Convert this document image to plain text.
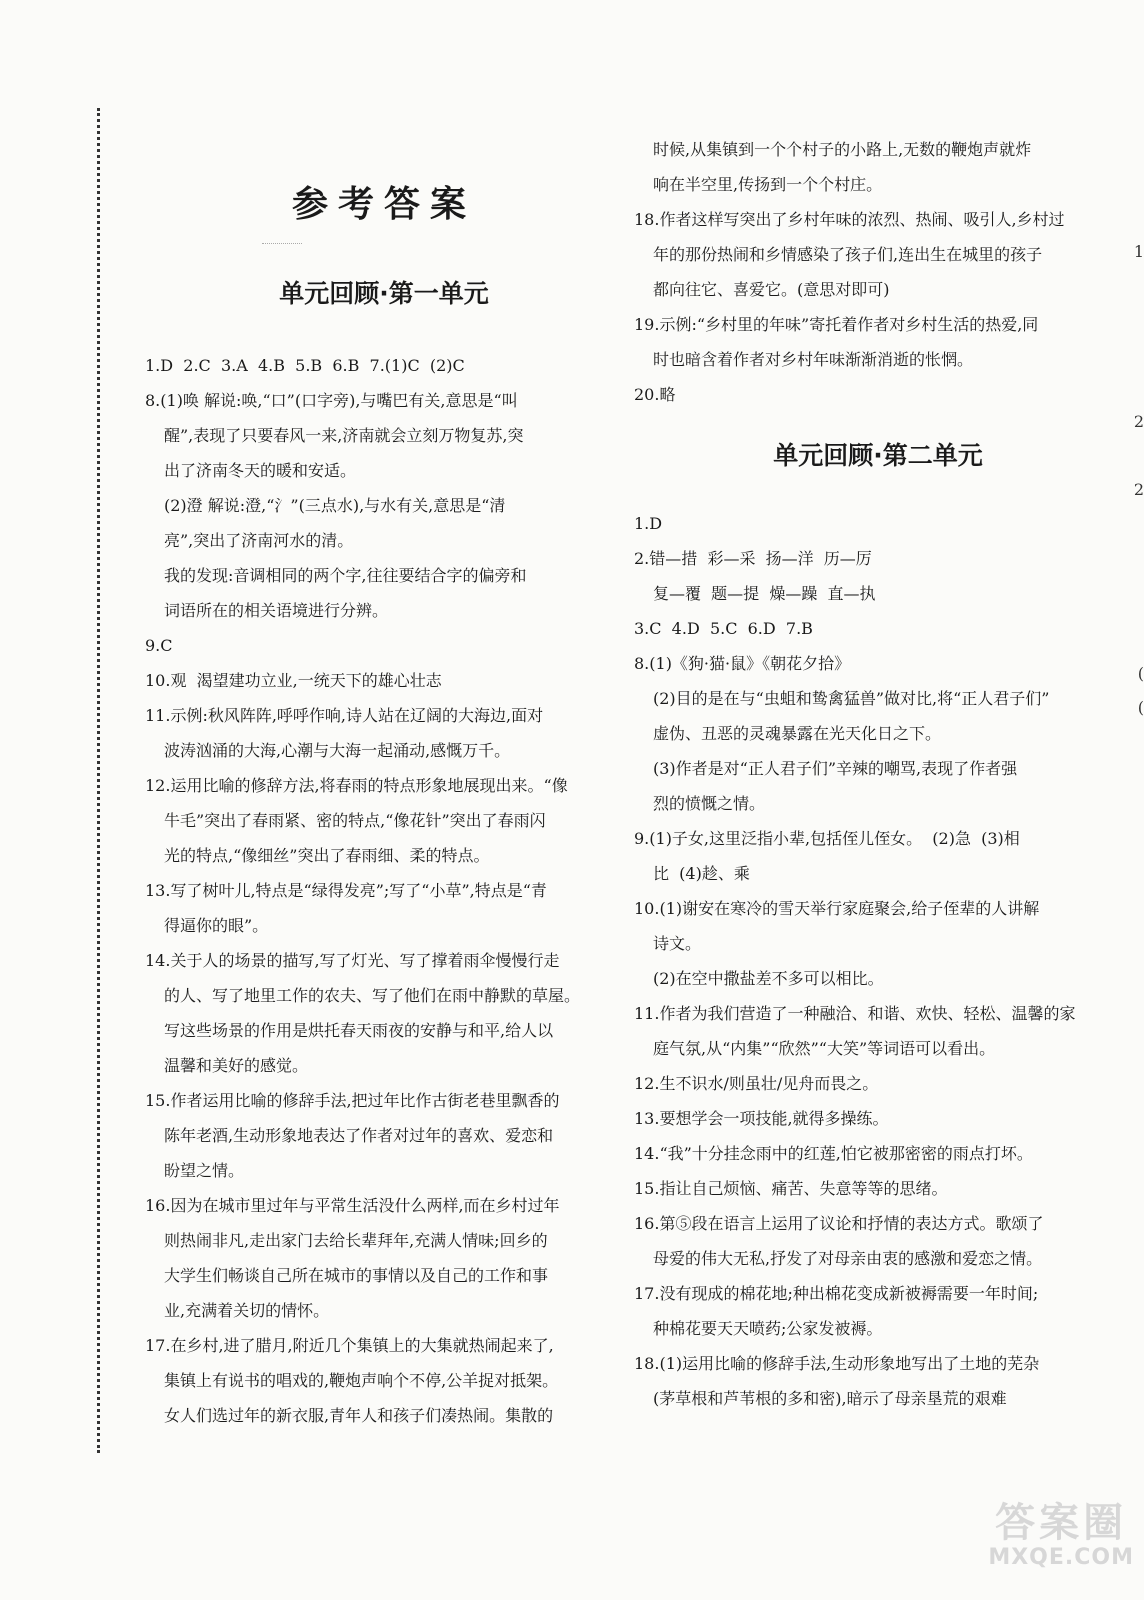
参考答案
单元回顾·第一单元

1.D  2.C  3.A  4.B  5.B  6.B  7.(1)C  (2)C

8.(1)唤 解说:唤,“口”(口字旁),与嘴巴有关,意思是“叫

醒”,表现了只要春风一来,济南就会立刻万物复苏,突

出了济南冬天的暖和安适。

(2)澄 解说:澄,“氵”(三点水),与水有关,意思是“清

亮”,突出了济南河水的清。

我的发现:音调相同的两个字,往往要结合字的偏旁和

词语所在的相关语境进行分辨。

9.C

10.观  渴望建功立业,一统天下的雄心壮志

11.示例:秋风阵阵,呼呼作响,诗人站在辽阔的大海边,面对

波涛汹涌的大海,心潮与大海一起涌动,感慨万千。

12.运用比喻的修辞方法,将春雨的特点形象地展现出来。“像

牛毛”突出了春雨紧、密的特点,“像花针”突出了春雨闪

光的特点,“像细丝”突出了春雨细、柔的特点。

13.写了树叶儿,特点是“绿得发亮”;写了“小草”,特点是“青

得逼你的眼”。

14.关于人的场景的描写,写了灯光、写了撑着雨伞慢慢行走

的人、写了地里工作的农夫、写了他们在雨中静默的草屋。

写这些场景的作用是烘托春天雨夜的安静与和平,给人以

温馨和美好的感觉。

15.作者运用比喻的修辞手法,把过年比作古街老巷里飘香的

陈年老酒,生动形象地表达了作者对过年的喜欢、爱恋和

盼望之情。

16.因为在城市里过年与平常生活没什么两样,而在乡村过年

则热闹非凡,走出家门去给长辈拜年,充满人情味;回乡的

大学生们畅谈自己所在城市的事情以及自己的工作和事

业,充满着关切的情怀。

17.在乡村,进了腊月,附近几个集镇上的大集就热闹起来了,

集镇上有说书的唱戏的,鞭炮声响个不停,公羊捉对抵架。

女人们选过年的新衣服,青年人和孩子们凑热闹。集散的

时候,从集镇到一个个村子的小路上,无数的鞭炮声就炸

响在半空里,传扬到一个个村庄。

18.作者这样写突出了乡村年味的浓烈、热闹、吸引人,乡村过

年的那份热闹和乡情感染了孩子们,连出生在城里的孩子

都向往它、喜爱它。(意思对即可)

19.示例:“乡村里的年味”寄托着作者对乡村生活的热爱,同

时也暗含着作者对乡村年味渐渐消逝的怅惘。

20.略

单元回顾·第二单元

1.D

2.错—措  彩—采  扬—洋  历—厉

复—覆  题—提  燥—躁  直—执

3.C  4.D  5.C  6.D  7.B

8.(1)《狗·猫·鼠》《朝花夕拾》

(2)目的是在与“虫蛆和鸷禽猛兽”做对比,将“正人君子们”

虚伪、丑恶的灵魂暴露在光天化日之下。

(3)作者是对“正人君子们”辛辣的嘲骂,表现了作者强

烈的愤慨之情。

9.(1)子女,这里泛指小辈,包括侄儿侄女。  (2)急  (3)相

比  (4)趁、乘

10.(1)谢安在寒冷的雪天举行家庭聚会,给子侄辈的人讲解

诗文。

(2)在空中撒盐差不多可以相比。

11.作者为我们营造了一种融洽、和谐、欢快、轻松、温馨的家

庭气氛,从“内集”“欣然”“大笑”等词语可以看出。

12.生不识水/则虽壮/见舟而畏之。

13.要想学会一项技能,就得多操练。

14.“我”十分挂念雨中的红莲,怕它被那密密的雨点打坏。

15.指让自己烦恼、痛苦、失意等等的思绪。

16.第⑤段在语言上运用了议论和抒情的表达方式。歌颂了

母爱的伟大无私,抒发了对母亲由衷的感激和爱恋之情。

17.没有现成的棉花地;种出棉花变成新被褥需要一年时间;

种棉花要天天喷药;公家发被褥。

18.(1)运用比喻的修辞手法,生动形象地写出了土地的芜杂

(茅草根和芦苇根的多和密),暗示了母亲垦荒的艰难

1
2
2
(
(
答案圈
MXQE.COM
